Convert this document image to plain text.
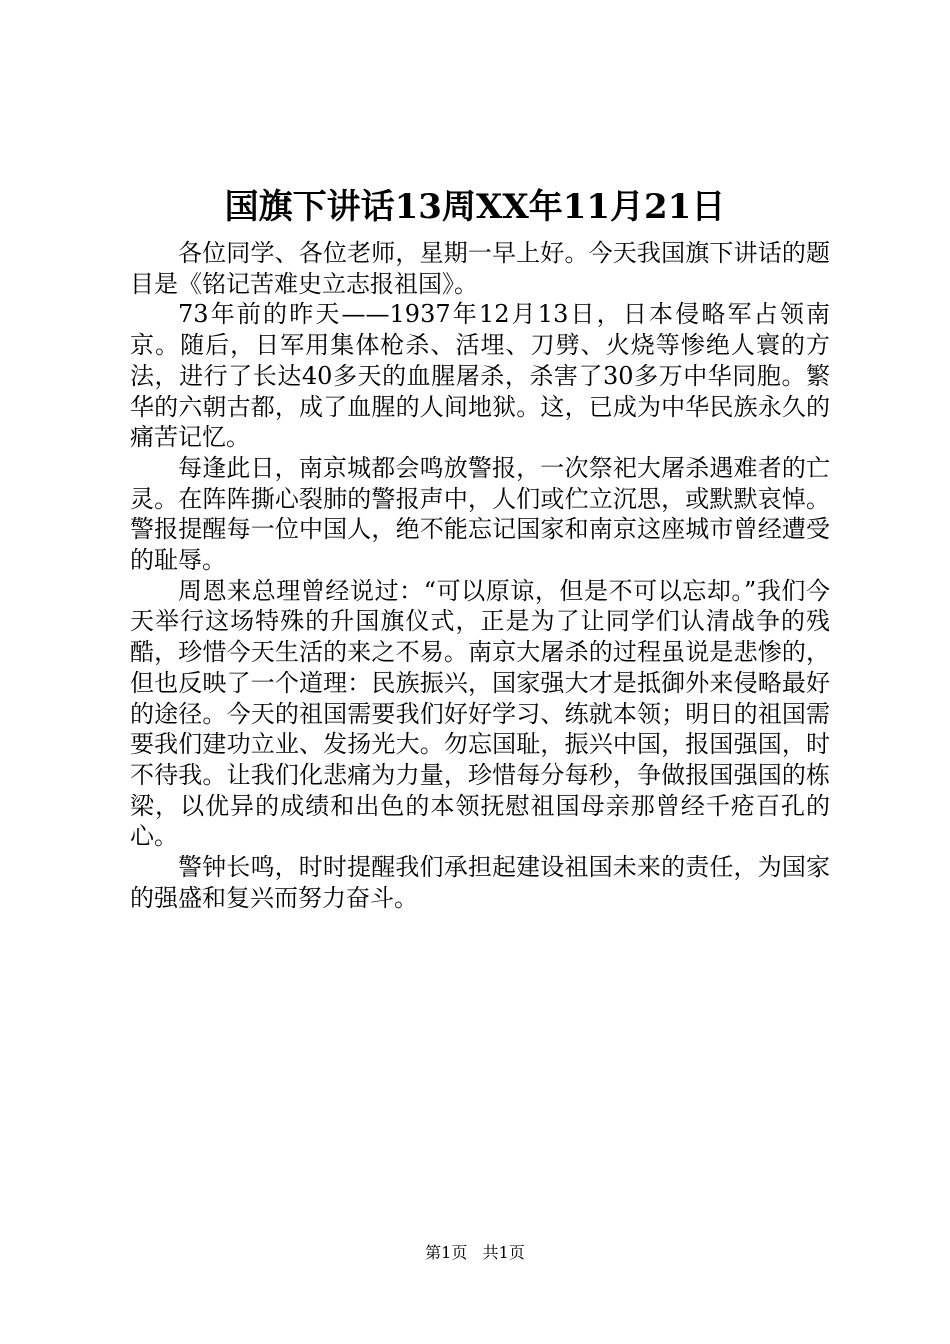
国旗下讲话13周XX年11月21日

各位同学、各位老师，星期一早上好。今天我国旗下讲话的题目是《铭记苦难史立志报祖国》。

73年前的昨天——1937年12月13日，日本侵略军占领南京。随后，日军用集体枪杀、活埋、刀劈、火烧等惨绝人寰的方法，进行了长达40多天的血腥屠杀，杀害了30多万中华同胞。繁华的六朝古都，成了血腥的人间地狱。这，已成为中华民族永久的痛苦记忆。

每逢此日，南京城都会鸣放警报，一次祭祀大屠杀遇难者的亡灵。在阵阵撕心裂肺的警报声中，人们或伫立沉思，或默默哀悼。警报提醒每一位中国人，绝不能忘记国家和南京这座城市曾经遭受的耻辱。

周恩来总理曾经说过：“可以原谅，但是不可以忘却。”我们今天举行这场特殊的升国旗仪式，正是为了让同学们认清战争的残酷，珍惜今天生活的来之不易。南京大屠杀的过程虽说是悲惨的，但也反映了一个道理：民族振兴，国家强大才是抵御外来侵略最好的途径。今天的祖国需要我们好好学习、练就本领；明日的祖国需要我们建功立业、发扬光大。勿忘国耻，振兴中国，报国强国，时不待我。让我们化悲痛为力量，珍惜每分每秒，争做报国强国的栋梁，以优异的成绩和出色的本领抚慰祖国母亲那曾经千疮百孔的心。

警钟长鸣，时时提醒我们承担起建设祖国未来的责任，为国家的强盛和复兴而努力奋斗。

第1页 共1页
